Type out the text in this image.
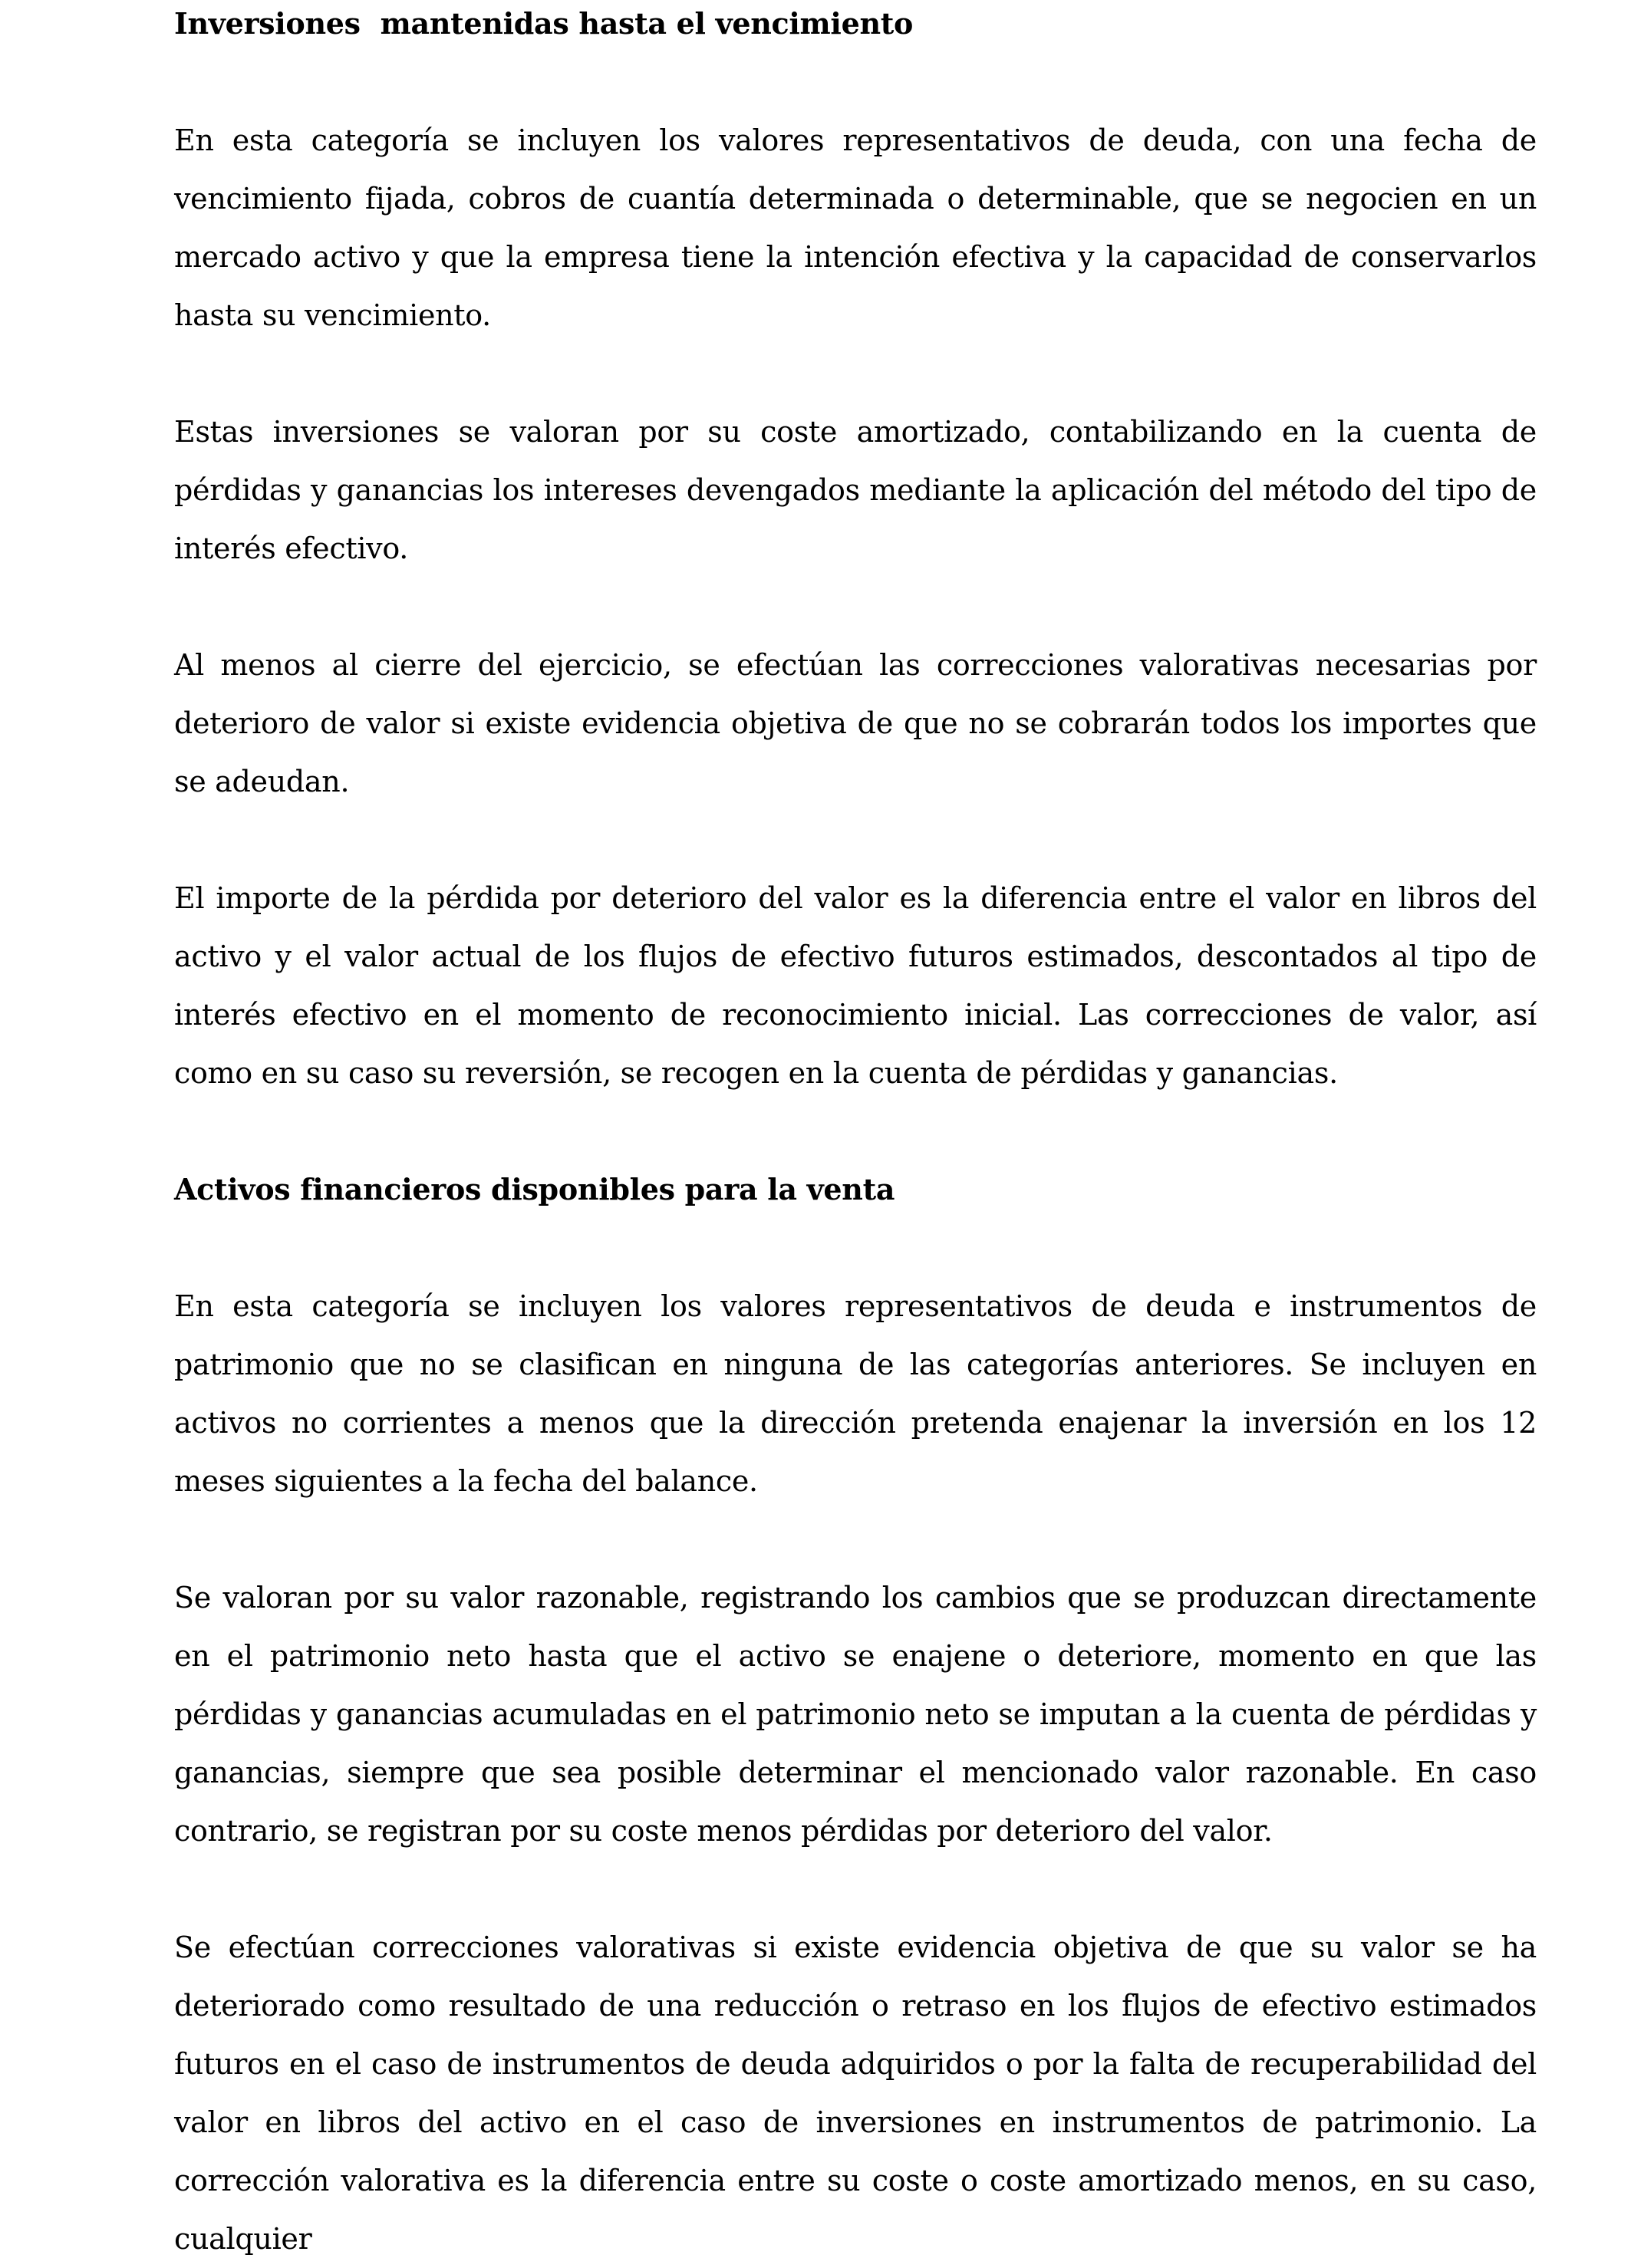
Inversiones  mantenidas hasta el vencimiento

En esta categoría se incluyen los valores representativos de deuda, con una fecha de vencimiento fijada, cobros de cuantía determinada o determinable, que se negocien en un mercado activo y que la empresa tiene la intención efectiva y la capacidad de conservarlos hasta su vencimiento.

Estas inversiones se valoran por su coste amortizado, contabilizando en la cuenta de pérdidas y ganancias los intereses devengados mediante la aplicación del método del tipo de interés efectivo.

Al menos al cierre del ejercicio, se efectúan las correcciones valorativas necesarias por deterioro de valor si existe evidencia objetiva de que no se cobrarán todos los importes que se adeudan.

El importe de la pérdida por deterioro del valor es la diferencia entre el valor en libros del activo y el valor actual de los flujos de efectivo futuros estimados, descontados al tipo de interés efectivo en el momento de reconocimiento inicial. Las correcciones de valor, así como en su caso su reversión, se recogen en la cuenta de pérdidas y ganancias.

Activos financieros disponibles para la venta

En esta categoría se incluyen los valores representativos de deuda e instrumentos de patrimonio que no se clasifican en ninguna de las categorías anteriores. Se incluyen en activos no corrientes a menos que la dirección pretenda enajenar la inversión en los 12 meses siguientes a la fecha del balance.

Se valoran por su valor razonable, registrando los cambios que se produzcan directamente en el patrimonio neto hasta que el activo se enajene o deteriore, momento en que las pérdidas y ganancias acumuladas en el patrimonio neto se imputan a la cuenta de pérdidas y ganancias, siempre que sea posible determinar el mencionado valor razonable. En caso contrario, se registran por su coste menos pérdidas por deterioro del valor.

Se efectúan correcciones valorativas si existe evidencia objetiva de que su valor se ha deteriorado como resultado de una reducción o retraso en los flujos de efectivo estimados futuros en el caso de instrumentos de deuda adquiridos o por la falta de recuperabilidad del valor en libros del activo en el caso de inversiones en instrumentos de patrimonio. La corrección valorativa es la diferencia entre su coste o coste amortizado menos, en su caso, cualquier
